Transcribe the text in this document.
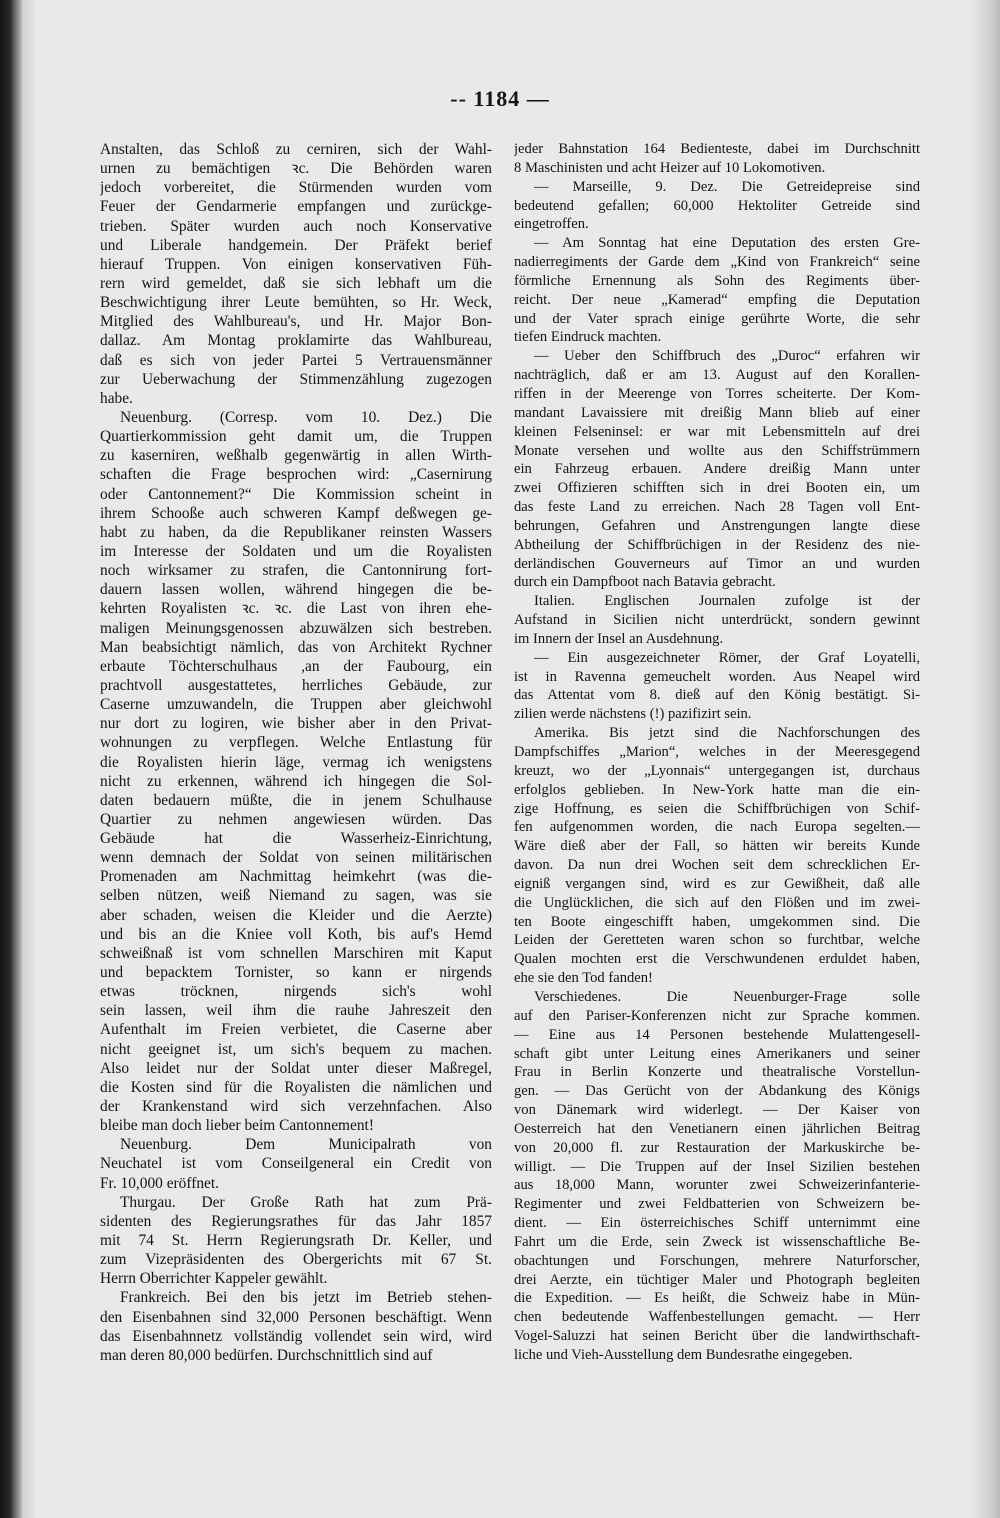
-- 1184 —
Anstalten, das Schloß zu cerniren, sich der Wahl-
urnen zu bemächtigen ꝛc. Die Behörden waren
jedoch vorbereitet, die Stürmenden wurden vom
Feuer der Gendarmerie empfangen und zurückge-
trieben. Später wurden auch noch Konservative
und Liberale handgemein. Der Präfekt berief
hierauf Truppen. Von einigen konservativen Füh-
rern wird gemeldet, daß sie sich lebhaft um die
Beschwichtigung ihrer Leute bemühten, so Hr. Weck,
Mitglied des Wahlbureau's, und Hr. Major Bon-
dallaz. Am Montag proklamirte das Wahlbureau,
daß es sich von jeder Partei 5 Vertrauensmänner
zur Ueberwachung der Stimmenzählung zugezogen
habe.
Neuenburg. (Corresp. vom 10. Dez.) Die
Quartierkommission geht damit um, die Truppen
zu kaserniren, weßhalb gegenwärtig in allen Wirth-
schaften die Frage besprochen wird: „Casernirung
oder Cantonnement?“ Die Kommission scheint in
ihrem Schooße auch schweren Kampf deßwegen ge-
habt zu haben, da die Republikaner reinsten Wassers
im Interesse der Soldaten und um die Royalisten
noch wirksamer zu strafen, die Cantonnirung fort-
dauern lassen wollen, während hingegen die be-
kehrten Royalisten ꝛc. ꝛc. die Last von ihren ehe-
maligen Meinungsgenossen abzuwälzen sich bestreben.
Man beabsichtigt nämlich, das von Architekt Rychner
erbaute Töchterschulhaus ,an der Faubourg, ein
prachtvoll ausgestattetes, herrliches Gebäude, zur
Caserne umzuwandeln, die Truppen aber gleichwohl
nur dort zu logiren, wie bisher aber in den Privat-
wohnungen zu verpflegen. Welche Entlastung für
die Royalisten hierin läge, vermag ich wenigstens
nicht zu erkennen, während ich hingegen die Sol-
daten bedauern müßte, die in jenem Schulhause
Quartier zu nehmen angewiesen würden. Das
Gebäude hat die Wasserheiz-Einrichtung,
wenn demnach der Soldat von seinen militärischen
Promenaden am Nachmittag heimkehrt (was die-
selben nützen, weiß Niemand zu sagen, was sie
aber schaden, weisen die Kleider und die Aerzte)
und bis an die Kniee voll Koth, bis auf's Hemd
schweißnaß ist vom schnellen Marschiren mit Kaput
und bepacktem Tornister, so kann er nirgends
etwas tröcknen, nirgends sich's wohl
sein lassen, weil ihm die rauhe Jahreszeit den
Aufenthalt im Freien verbietet, die Caserne aber
nicht geeignet ist, um sich's bequem zu machen.
Also leidet nur der Soldat unter dieser Maßregel,
die Kosten sind für die Royalisten die nämlichen und
der Krankenstand wird sich verzehnfachen. Also
bleibe man doch lieber beim Cantonnement!
Neuenburg. Dem Municipalrath von
Neuchatel ist vom Conseilgeneral ein Credit von
Fr. 10,000 eröffnet.
Thurgau. Der Große Rath hat zum Prä-
sidenten des Regierungsrathes für das Jahr 1857
mit 74 St. Herrn Regierungsrath Dr. Keller, und
zum Vizepräsidenten des Obergerichts mit 67 St.
Herrn Oberrichter Kappeler gewählt.
Frankreich. Bei den bis jetzt im Betrieb stehen-
den Eisenbahnen sind 32,000 Personen beschäftigt. Wenn
das Eisenbahnnetz vollständig vollendet sein wird, wird
man deren 80,000 bedürfen. Durchschnittlich sind auf
jeder Bahnstation 164 Bedienteste, dabei im Durchschnitt
8 Maschinisten und acht Heizer auf 10 Lokomotiven.
— Marseille, 9. Dez. Die Getreidepreise sind
bedeutend gefallen; 60,000 Hektoliter Getreide sind
eingetroffen.
— Am Sonntag hat eine Deputation des ersten Gre-
nadierregiments der Garde dem „Kind von Frankreich“ seine
förmliche Ernennung als Sohn des Regiments über-
reicht. Der neue „Kamerad“ empfing die Deputation
und der Vater sprach einige gerührte Worte, die sehr
tiefen Eindruck machten.
— Ueber den Schiffbruch des „Duroc“ erfahren wir
nachträglich, daß er am 13. August auf den Korallen-
riffen in der Meerenge von Torres scheiterte. Der Kom-
mandant Lavaissiere mit dreißig Mann blieb auf einer
kleinen Felseninsel: er war mit Lebensmitteln auf drei
Monate versehen und wollte aus den Schiffstrümmern
ein Fahrzeug erbauen. Andere dreißig Mann unter
zwei Offizieren schifften sich in drei Booten ein, um
das feste Land zu erreichen. Nach 28 Tagen voll Ent-
behrungen, Gefahren und Anstrengungen langte diese
Abtheilung der Schiffbrüchigen in der Residenz des nie-
derländischen Gouverneurs auf Timor an und wurden
durch ein Dampfboot nach Batavia gebracht.
Italien. Englischen Journalen zufolge ist der
Aufstand in Sicilien nicht unterdrückt, sondern gewinnt
im Innern der Insel an Ausdehnung.
— Ein ausgezeichneter Römer, der Graf Loyatelli,
ist in Ravenna gemeuchelt worden. Aus Neapel wird
das Attentat vom 8. dieß auf den König bestätigt. Si-
zilien werde nächstens (!) pazifizirt sein.
Amerika. Bis jetzt sind die Nachforschungen des
Dampfschiffes „Marion“, welches in der Meeresgegend
kreuzt, wo der „Lyonnais“ untergegangen ist, durchaus
erfolglos geblieben. In New-York hatte man die ein-
zige Hoffnung, es seien die Schiffbrüchigen von Schif-
fen aufgenommen worden, die nach Europa segelten.—
Wäre dieß aber der Fall, so hätten wir bereits Kunde
davon. Da nun drei Wochen seit dem schrecklichen Er-
eigniß vergangen sind, wird es zur Gewißheit, daß alle
die Unglücklichen, die sich auf den Flößen und im zwei-
ten Boote eingeschifft haben, umgekommen sind. Die
Leiden der Geretteten waren schon so furchtbar, welche
Qualen mochten erst die Verschwundenen erduldet haben,
ehe sie den Tod fanden!
Verschiedenes. Die Neuenburger-Frage solle
auf den Pariser-Konferenzen nicht zur Sprache kommen.
— Eine aus 14 Personen bestehende Mulattengesell-
schaft gibt unter Leitung eines Amerikaners und seiner
Frau in Berlin Konzerte und theatralische Vorstellun-
gen. — Das Gerücht von der Abdankung des Königs
von Dänemark wird widerlegt. — Der Kaiser von
Oesterreich hat den Venetianern einen jährlichen Beitrag
von 20,000 fl. zur Restauration der Markuskirche be-
willigt. — Die Truppen auf der Insel Sizilien bestehen
aus 18,000 Mann, worunter zwei Schweizerinfanterie-
Regimenter und zwei Feldbatterien von Schweizern be-
dient. — Ein österreichisches Schiff unternimmt eine
Fahrt um die Erde, sein Zweck ist wissenschaftliche Be-
obachtungen und Forschungen, mehrere Naturforscher,
drei Aerzte, ein tüchtiger Maler und Photograph begleiten
die Expedition. — Es heißt, die Schweiz habe in Mün-
chen bedeutende Waffenbestellungen gemacht. — Herr
Vogel-Saluzzi hat seinen Bericht über die landwirthschaft-
liche und Vieh-Ausstellung dem Bundesrathe eingegeben.
